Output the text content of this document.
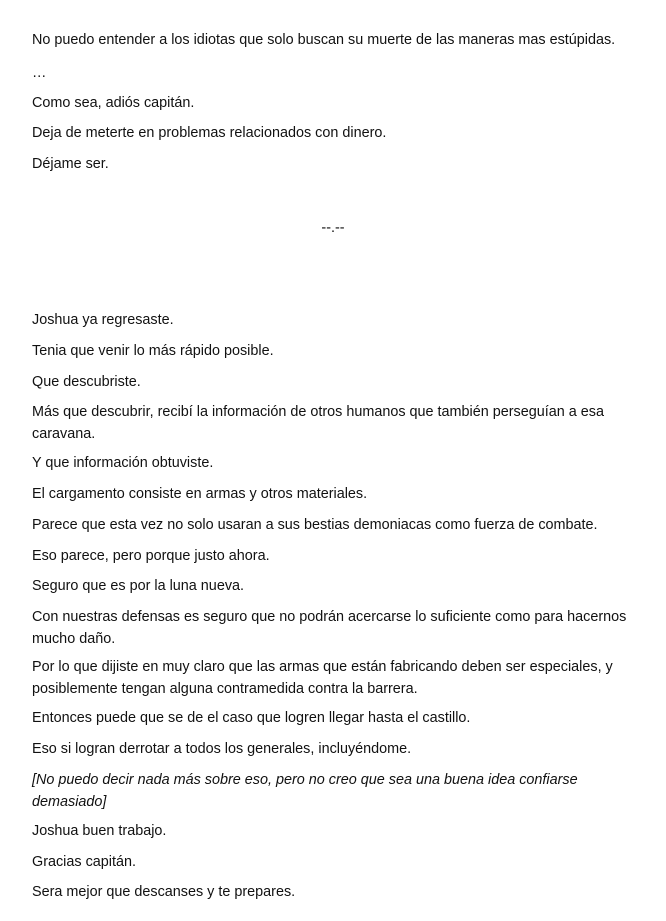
No puedo entender a los idiotas que solo buscan su muerte de las maneras mas estúpidas.

…

Como sea, adiós capitán.

Deja de meterte en problemas relacionados con dinero.

Déjame ser.

--.--

Joshua ya regresaste.

Tenia que venir lo más rápido posible.

Que descubriste.

Más que descubrir, recibí la información de otros humanos que también perseguían a esa caravana.

Y que información obtuviste.

El cargamento consiste en armas y otros materiales.

Parece que esta vez no solo usaran a sus bestias demoniacas como fuerza de combate.

Eso parece, pero porque justo ahora.

Seguro que es por la luna nueva.

Con nuestras defensas es seguro que no podrán acercarse lo suficiente como para hacernos mucho daño.

Por lo que dijiste en muy claro que las armas que están fabricando deben ser especiales, y posiblemente tengan alguna contramedida contra la barrera.

Entonces puede que se de el caso que logren llegar hasta el castillo.

Eso si logran derrotar a todos los generales, incluyéndome.

[No puedo decir nada más sobre eso, pero no creo que sea una buena idea confiarse demasiado]

Joshua buen trabajo.

Gracias capitán.

Sera mejor que descanses y te prepares.
